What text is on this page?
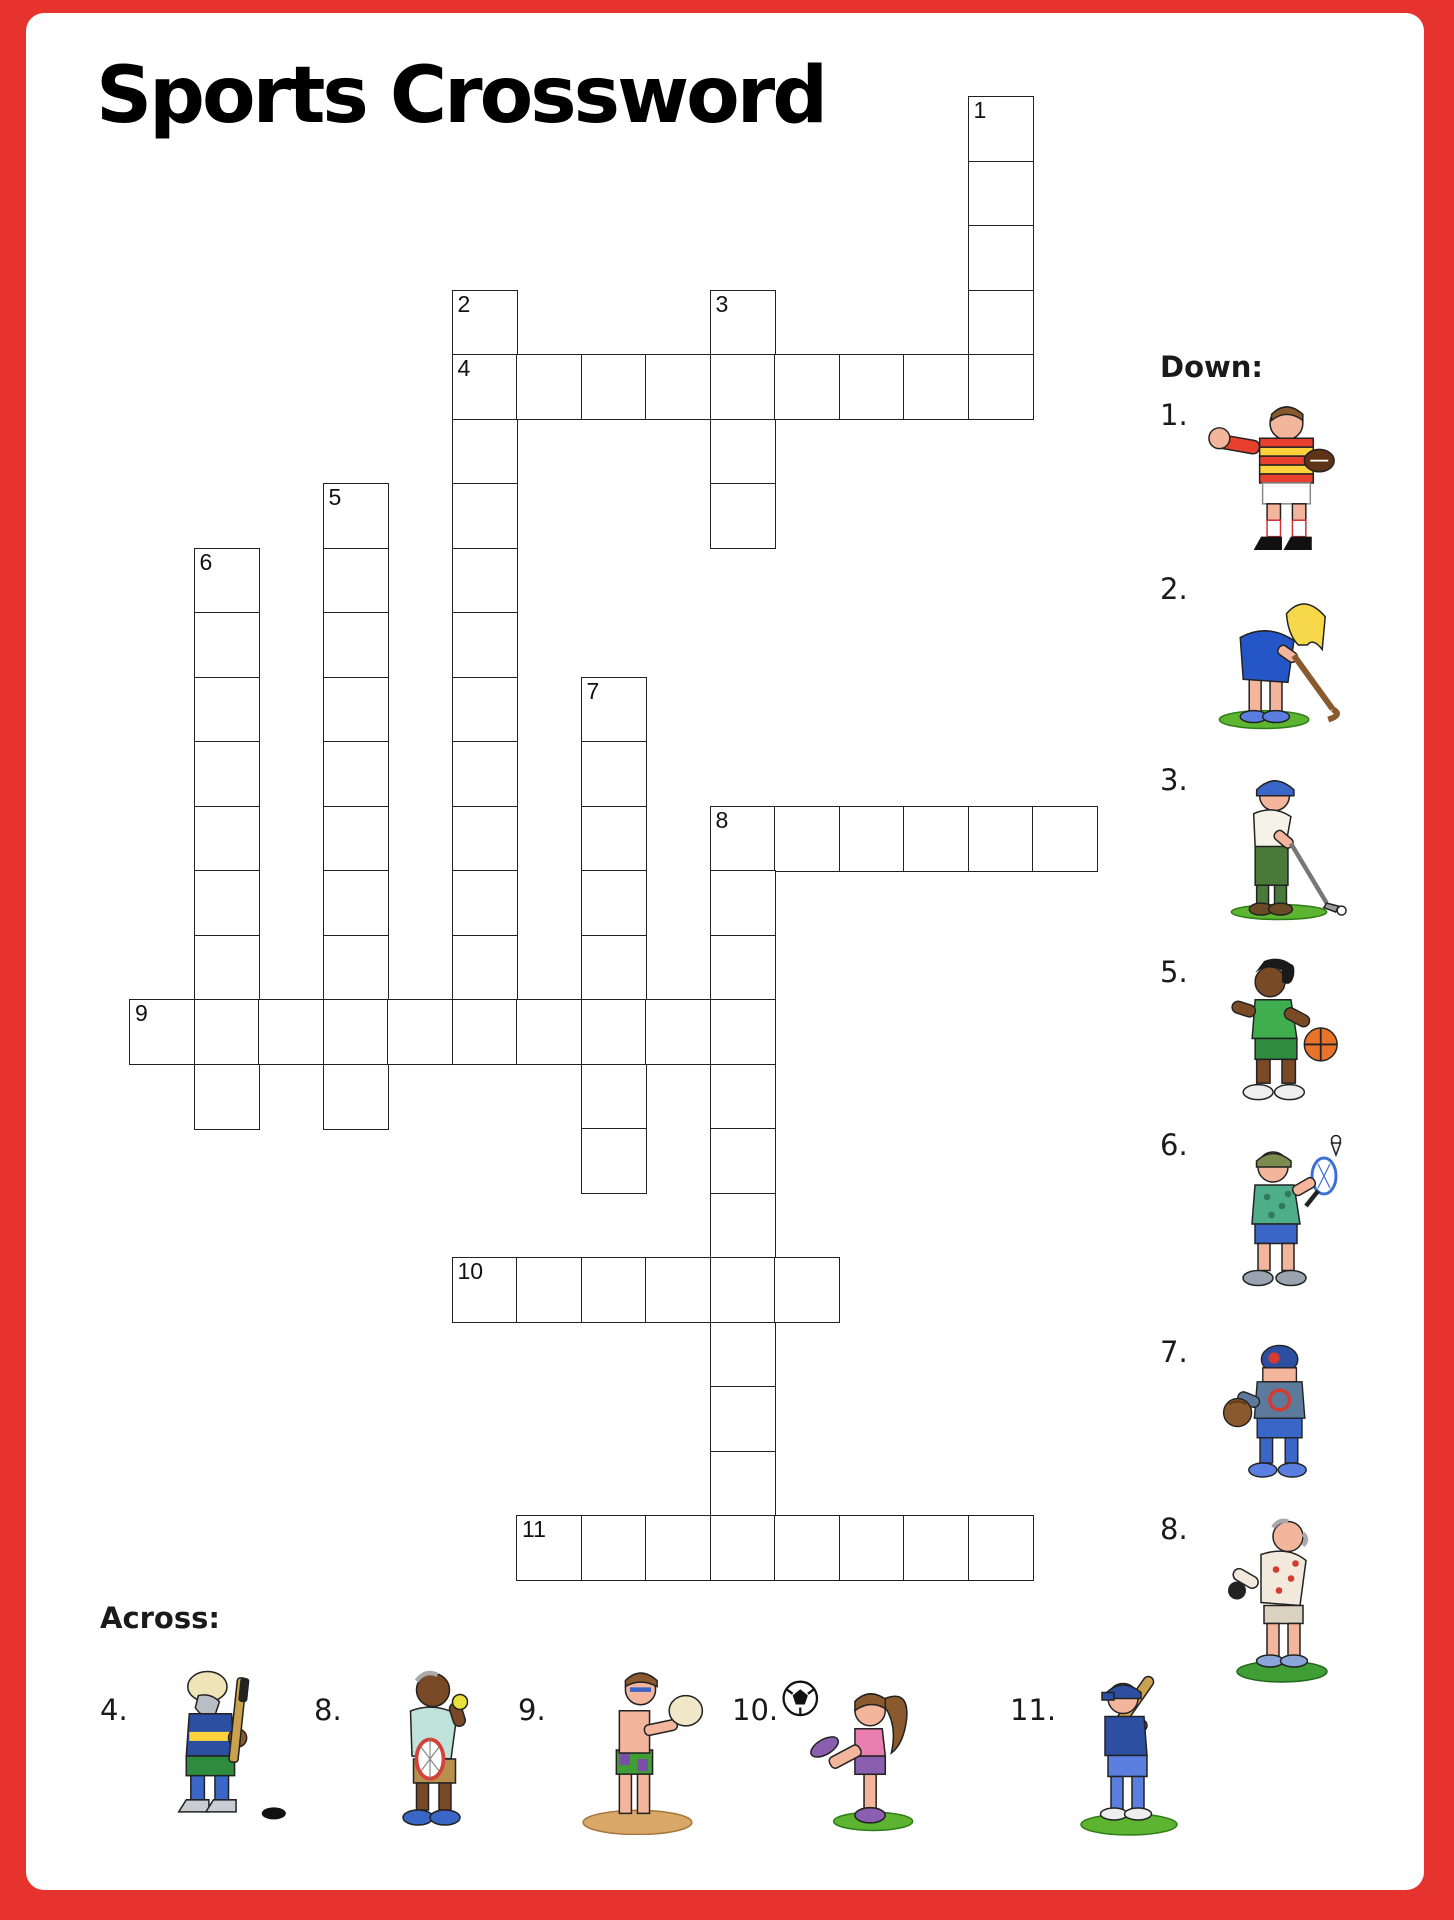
Sports Crossword	1
2
4
3
5
6
7
8
9
10
11
Down:
1.
2.
3.
5.
6.
7.
8.
Across:
4.	8.	9.	10.	11.
